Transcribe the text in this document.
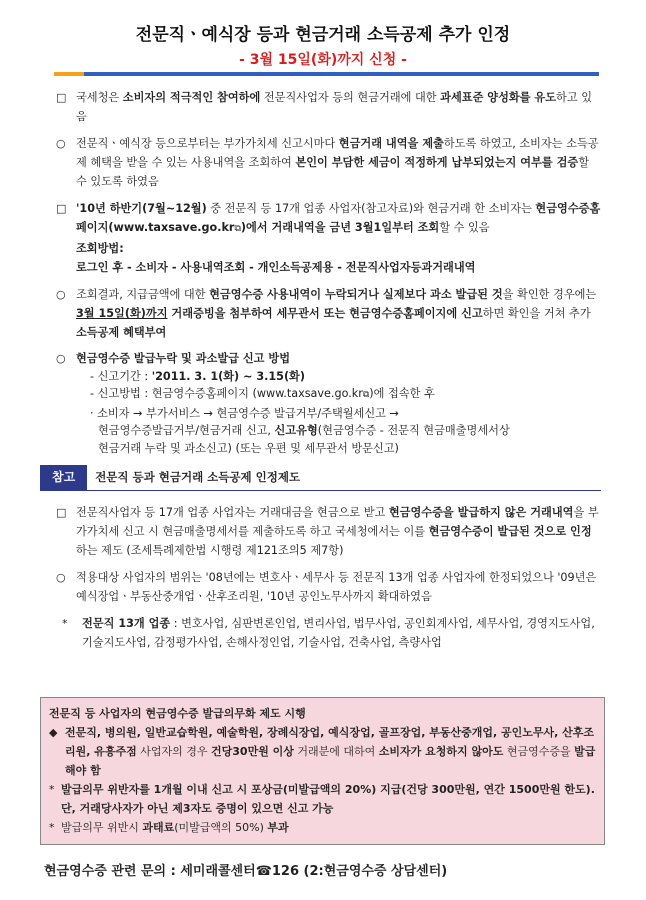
전문직ㆍ예식장 등과 현금거래 소득공제 추가 인정
- 3월 15일(화)까지 신청 -
□ 국세청은 소비자의 적극적인 참여하에 전문직사업자 등의 현금거래에 대한 과세표준 양성화를 유도하고 있음
○ 전문직ㆍ예식장 등으로부터는 부가가치세 신고시마다 현금거래 내역을 제출하도록 하였고, 소비자는 소득공제 혜택을 받을 수 있는 사용내역을 조회하여 본인이 부담한 세금이 적정하게 납부되었는지 여부를 검증할 수 있도록 하였음
□ '10년 하반기(7월~12월) 중 전문직 등 17개 업종 사업자(참고자료)와 현금거래 한 소비자는 현금영수증홈페이지(www.taxsave.go.kr⧉)에서 거래내역을 금년 3월1일부터 조회할 수 있음
조회방법:
로그인 후 - 소비자 - 사용내역조회 - 개인소득공제용 - 전문직사업자등과거래내역
○ 조회결과, 지급금액에 대한 현금영수증 사용내역이 누락되거나 실제보다 과소 발급된 것을 확인한 경우에는 3월 15일(화)까지 거래증빙을 첨부하여 세무관서 또는 현금영수증홈페이지에 신고하면 확인을 거쳐 추가 소득공제 혜택부여
○ 현금영수증 발급누락 및 과소발급 신고 방법
- 신고기간 : '2011. 3. 1(화) ~ 3.15(화)
- 신고방법 : 현금영수증홈페이지 (www.taxsave.go.kr⧉)에 접속한 후
· 소비자 → 부가서비스 → 현금영수증 발급거부/주택월세신고 →
현금영수증발급거부/현금거래 신고, 신고유형(현금영수증 - 전문직 현금매출명세서상
현금거래 누락 및 과소신고) (또는 우편 및 세무관서 방문신고)
참고	전문직 등과 현금거래 소득공제 인정제도
□ 전문직사업자 등 17개 업종 사업자는 거래대금을 현금으로 받고 현금영수증을 발급하지 않은 거래내역을 부가가치세 신고 시 현금매출명세서를 제출하도록 하고 국세청에서는 이를 현금영수증이 발급된 것으로 인정하는 제도 (조세특례제한법 시행령 제121조의5 제7항)
○ 적용대상 사업자의 범위는 '08년에는 변호사ㆍ세무사 등 전문직 13개 업종 사업자에 한정되었으나 '09년은 예식장업ㆍ부동산중개업ㆍ산후조리원, '10년 공인노무사까지 확대하였음
* 전문직 13개 업종 : 변호사업, 심판변론인업, 변리사업, 법무사업, 공인회계사업, 세무사업, 경영지도사업, 기술지도사업, 감정평가사업, 손해사정인업, 기술사업, 건축사업, 측량사업
전문직 등 사업자의 현금영수증 발급의무화 제도 시행
◆ 전문직, 병의원, 일반교습학원, 예술학원, 장례식장업, 예식장업, 골프장업, 부동산중개업, 공인노무사, 산후조리원, 유흥주점 사업자의 경우 건당30만원 이상 거래분에 대하여 소비자가 요청하지 않아도 현금영수증을 발급해야 함
* 발급의무 위반자를 1개월 이내 신고 시 포상금(미발급액의 20%) 지급(건당 300만원, 연간 1500만원 한도). 단, 거래당사자가 아닌 제3자도 증명이 있으면 신고 가능
* 발급의무 위반시 과태료(미발급액의 50%) 부과
현금영수증 관련 문의 : 세미래콜센터☎126 (2:현금영수증 상담센터)
